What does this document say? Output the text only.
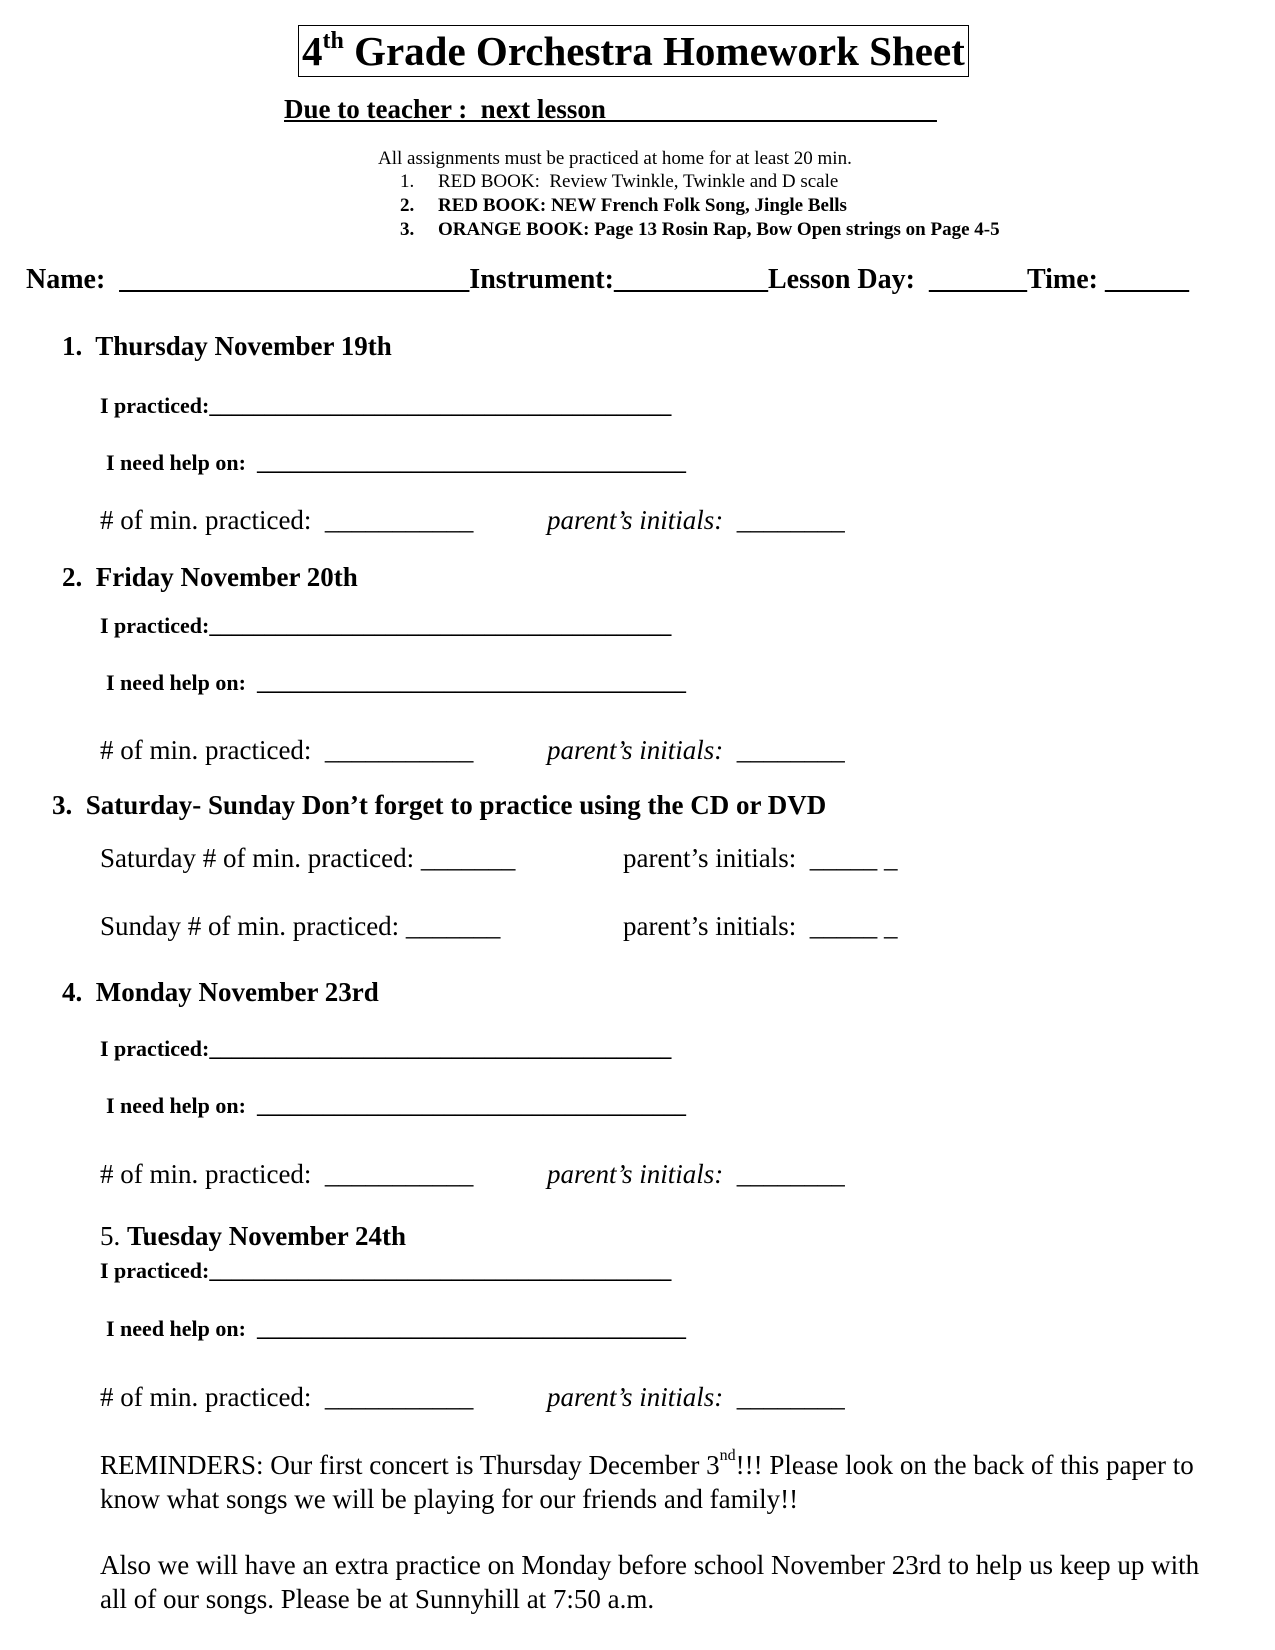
4th Grade Orchestra Homework Sheet
Due to teacher :  next lesson ________________________
All assignments must be practiced at home for at least 20 min.
1. RED BOOK:  Review Twinkle, Twinkle and D scale
2. RED BOOK: NEW French Folk Song, Jingle Bells
3. ORANGE BOOK: Page 13 Rosin Rap, Bow Open strings on Page 4-5
Name:  _________________________Instrument:___________Lesson Day:  _______Time: ______
1.  Thursday November 19th
I practiced:__________________________________________
I need help on:  _______________________________________
# of min. practiced:  ___________	parent’s initials:  ________
2.  Friday November 20th
I practiced:__________________________________________
I need help on:  _______________________________________
# of min. practiced:  ___________	parent’s initials:  ________
3.  Saturday- Sunday Don’t forget to practice using the CD or DVD
Saturday # of min. practiced: _______	parent’s initials:  _____ _
Sunday # of min. practiced: _______	parent’s initials:  _____ _
4.  Monday November 23rd
I practiced:__________________________________________
I need help on:  _______________________________________
# of min. practiced:  ___________	parent’s initials:  ________
5. Tuesday November 24th
I practiced:__________________________________________
I need help on:  _______________________________________
# of min. practiced:  ___________	parent’s initials:  ________
REMINDERS: Our first concert is Thursday December 3nd!!! Please look on the back of this paper to know what songs we will be playing for our friends and family!!
Also we will have an extra practice on Monday before school November 23rd to help us keep up with all of our songs. Please be at Sunnyhill at 7:50 a.m.
